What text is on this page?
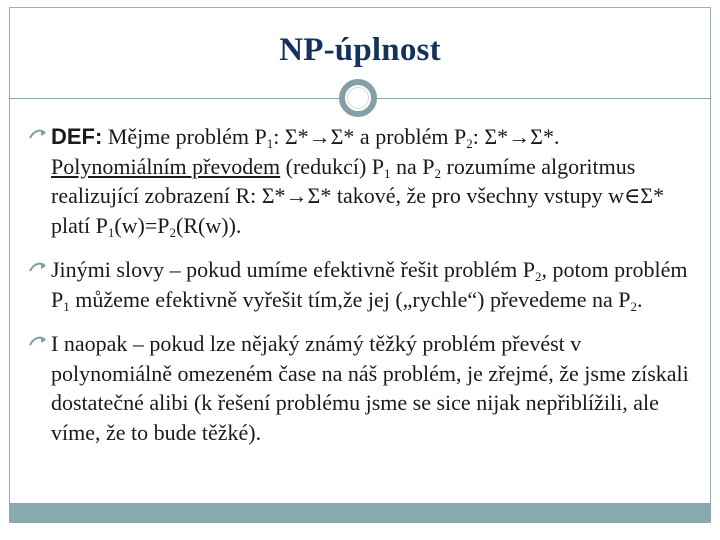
NP-úplnost

DEF: Mějme problém $P_1$: Σ*→Σ* a problém $P_2$: Σ*→Σ*. Polynomiálním převodem (redukcí) $P_1$ na $P_2$ rozumíme algoritmus realizující zobrazení R: Σ*→Σ* takové, že pro všechny vstupy w∈Σ* platí $P_1(w)=P_2(R(w))$.

Jinými slovy – pokud umíme efektivně řešit problém $P_2$, potom problém $P_1$ můžeme efektivně vyřešit tím,že jej („rychle“) převedeme na $P_2$.

I naopak – pokud lze nějaký známý těžký problém převést v polynomiálně omezeném čase na náš problém, je zřejmé, že jsme získali dostatečné alibi (k řešení problému jsme se sice nijak nepřiblížili, ale víme, že to bude těžké).
